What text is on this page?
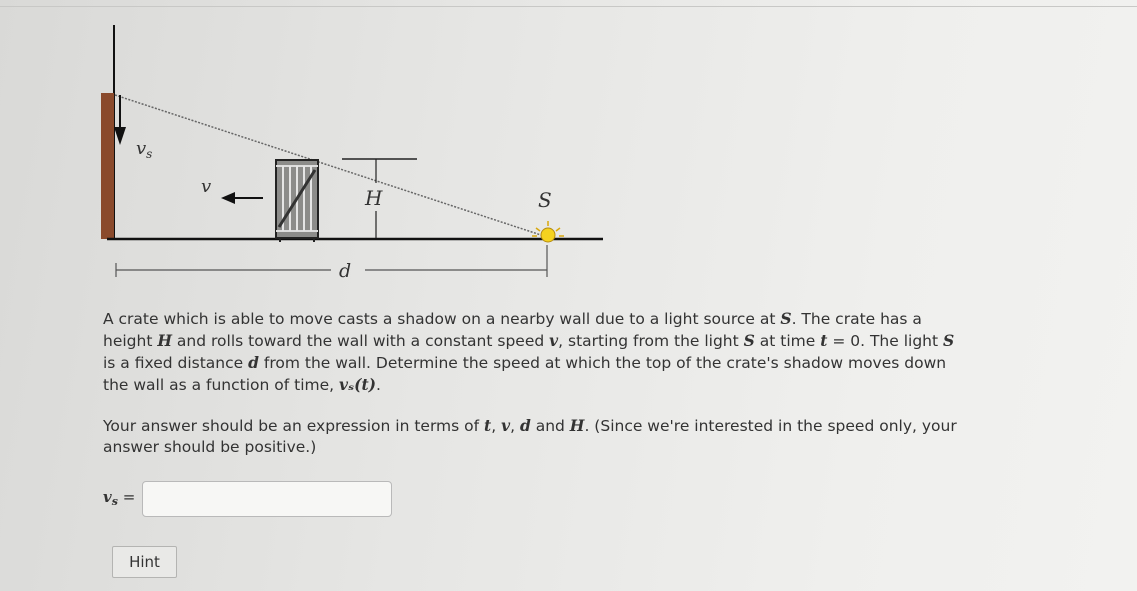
$v_s$
v	H	S
d
A crate which is able to move casts a shadow on a nearby wall due to a light source at S. The crate has a height H and rolls toward the wall with a constant speed v, starting from the light S at time t = 0. The light S is a fixed distance d from the wall. Determine the speed at which the top of the crate's shadow moves down the wall as a function of time, vₛ(t).
Your answer should be an expression in terms of t, v, d and H. (Since we're interested in the speed only, your answer should be positive.)
$v_s$ =
Hint
